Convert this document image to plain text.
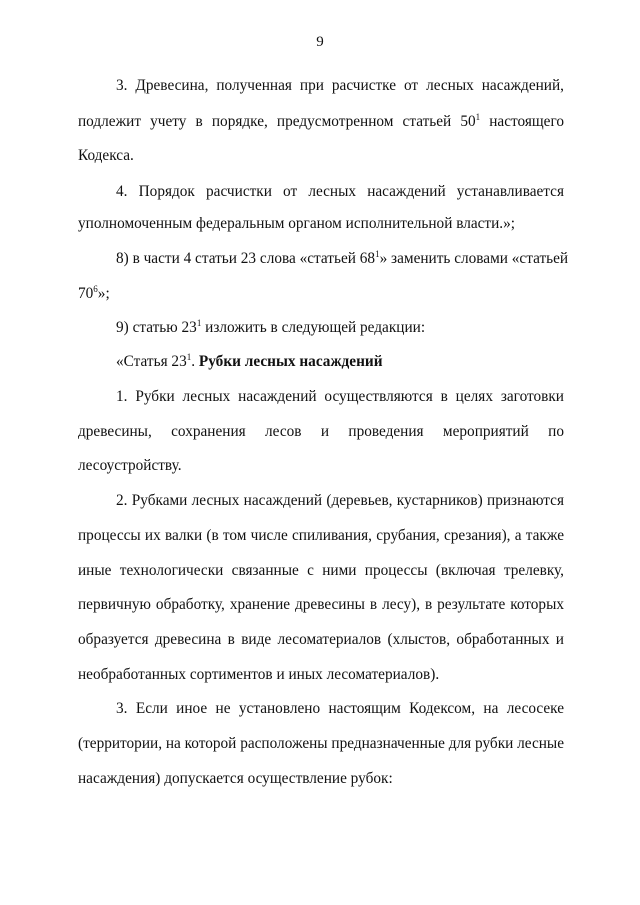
9
3. Древесина, полученная при расчистке от лесных насаждений,
подлежит учету в порядке, предусмотренном статьей $50^1$ настоящего
Кодекса.
4. Порядок расчистки от лесных насаждений устанавливается
уполномоченным федеральным органом исполнительной власти.»;
8) в части 4 статьи 23 слова «статьей $68^1$» заменить словами «статьей
$70^6$»;
9) статью $23^1$ изложить в следующей редакции:
«Статья $23^1$. Рубки лесных насаждений
1. Рубки лесных насаждений осуществляются в целях заготовки
древесины, сохранения лесов и проведения мероприятий по
лесоустройству.
2. Рубками лесных насаждений (деревьев, кустарников) признаются
процессы их валки (в том числе спиливания, срубания, срезания), а также
иные технологически связанные с ними процессы (включая трелевку,
первичную обработку, хранение древесины в лесу), в результате которых
образуется древесина в виде лесоматериалов (хлыстов, обработанных и
необработанных сортиментов и иных лесоматериалов).
3. Если иное не установлено настоящим Кодексом, на лесосеке
(территории, на которой расположены предназначенные для рубки лесные
насаждения) допускается осуществление рубок:
